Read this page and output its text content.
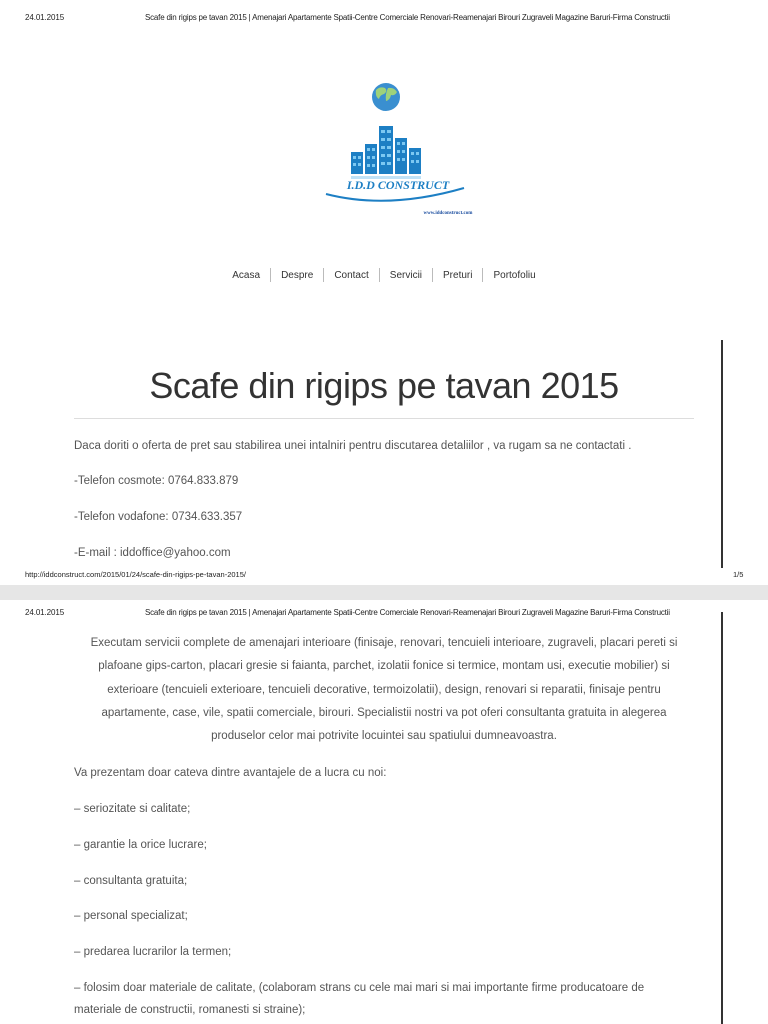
24.01.2015	Scafe din rigips pe tavan 2015 | Amenajari Apartamente Spatii-Centre Comerciale Renovari-Reamenajari Birouri Zugraveli Magazine Baruri-Firma Constructii
I.D.D CONSTRUCT
www.iddconstruct.com
Acasa Despre Contact Servicii Preturi Portofoliu
Scafe din rigips pe tavan 2015
Daca doriti o oferta de pret sau stabilirea unei intalniri pentru discutarea detaliilor , va rugam sa ne contactati .
-Telefon cosmote: 0764.833.879
-Telefon vodafone: 0734.633.357
-E-mail : iddoffice@yahoo.com
http://iddconstruct.com/2015/01/24/scafe-din-rigips-pe-tavan-2015/	1/5
24.01.2015	Scafe din rigips pe tavan 2015 | Amenajari Apartamente Spatii-Centre Comerciale Renovari-Reamenajari Birouri Zugraveli Magazine Baruri-Firma Constructii
Executam servicii complete de amenajari interioare (finisaje, renovari, tencuieli interioare, zugraveli, placari pereti si
plafoane gips-carton, placari gresie si faianta, parchet, izolatii fonice si termice, montam usi, executie mobilier) si
exterioare (tencuieli exterioare, tencuieli decorative, termoizolatii), design, renovari si reparatii, finisaje pentru
apartamente, case, vile, spatii comerciale, birouri. Specialistii nostri va pot oferi consultanta gratuita in alegerea
produselor celor mai potrivite locuintei sau spatiului dumneavoastra.
Va prezentam doar cateva dintre avantajele de a lucra cu noi:
– seriozitate si calitate;
– garantie la orice lucrare;
– consultanta gratuita;
– personal specializat;
– predarea lucrarilor la termen;
– folosim doar materiale de calitate, (colaboram strans cu cele mai mari si mai importante firme producatoare de
materiale de constructii, romanesti si straine);
